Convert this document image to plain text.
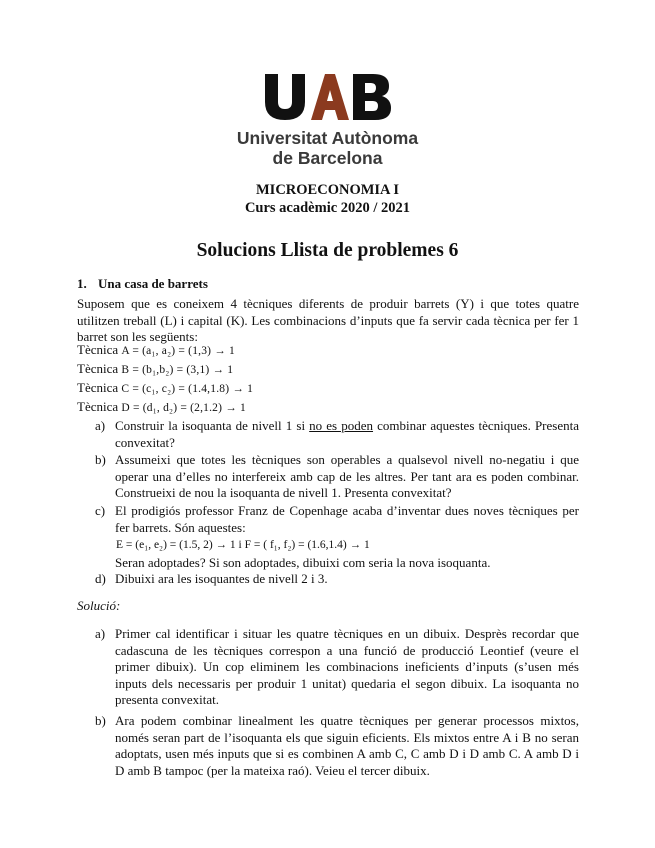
Universitat Autònoma
de Barcelona
MICROECONOMIA I
Curs acadèmic 2020 / 2021
Solucions Llista de problemes 6
1. Una casa de barrets
Suposem que es coneixem 4 tècniques diferents de produir barrets (Y) i que totes quatre utilitzen treball (L) i capital (K). Les combinacions d’inputs que fa servir cada tècnica per fer 1 barret son les següents:
Tècnica A = (a₁, a₂) = (1,3) → 1
Tècnica B = (b₁,b₂) = (3,1) → 1
Tècnica C = (c₁, c₂) = (1.4,1.8) → 1
Tècnica D = (d₁, d₂) = (2,1.2) → 1
a) Construir la isoquanta de nivell 1 si no es poden combinar aquestes tècniques. Presenta convexitat?
b) Assumeixi que totes les tècniques son operables a qualsevol nivell no-negatiu i que operar una d’elles no interfereix amb cap de les altres. Per tant ara es poden combinar. Construeixi de nou la isoquanta de nivell 1. Presenta convexitat?
c) El prodigiós professor Franz de Copenhage acaba d’inventar dues noves tècniques per fer barrets. Són aquestes:
E = (e₁, e₂) = (1.5, 2) → 1 i F = ( f₁, f₂) = (1.6,1.4) → 1
Seran adoptades? Si son adoptades, dibuixi com seria la nova isoquanta.
d) Dibuixi ara les isoquantes de nivell 2 i 3.
Solució:
a) Primer cal identificar i situar les quatre tècniques en un dibuix. Desprès recordar que cadascuna de les tècniques correspon a una funció de producció Leontief (veure el primer dibuix). Un cop eliminem les combinacions ineficients d’inputs (s’usen més inputs dels necessaris per produir 1 unitat) quedaria el segon dibuix. La isoquanta no presenta convexitat.
b) Ara podem combinar linealment les quatre tècniques per generar processos mixtos, només seran part de l’isoquanta els que siguin eficients. Els mixtos entre A i B no seran adoptats, usen més inputs que si es combinen A amb C, C amb D i D amb C. A amb D i D amb B tampoc (per la mateixa raó). Veieu el tercer dibuix.
